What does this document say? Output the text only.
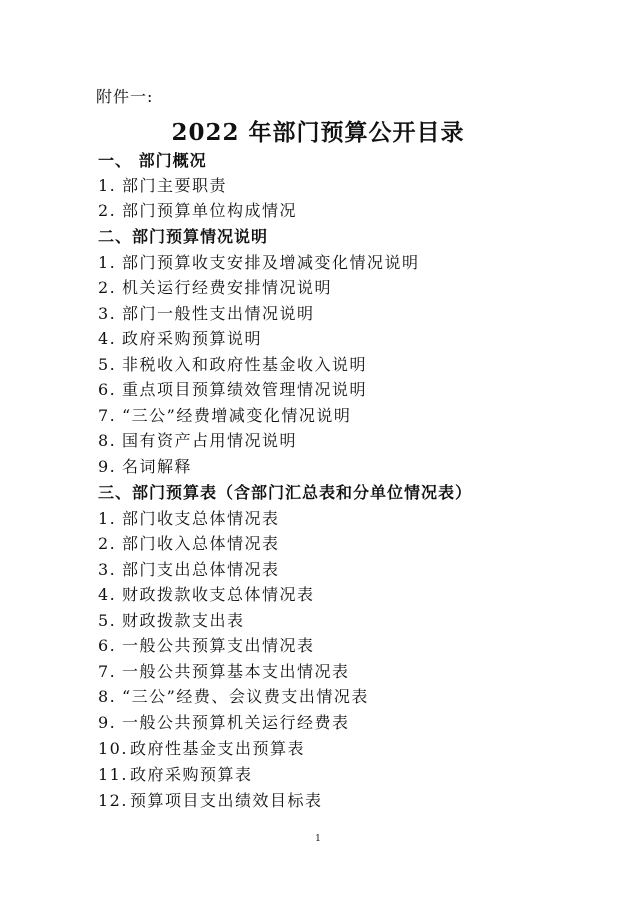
附件一:
2022 年部门预算公开目录
一、 部门概况
1. 部门主要职责
2. 部门预算单位构成情况
二、部门预算情况说明
1. 部门预算收支安排及增减变化情况说明
2. 机关运行经费安排情况说明
3. 部门一般性支出情况说明
4. 政府采购预算说明
5. 非税收入和政府性基金收入说明
6. 重点项目预算绩效管理情况说明
7. “三公”经费增减变化情况说明
8. 国有资产占用情况说明
9. 名词解释
三、部门预算表（含部门汇总表和分单位情况表）
1. 部门收支总体情况表
2. 部门收入总体情况表
3. 部门支出总体情况表
4. 财政拨款收支总体情况表
5. 财政拨款支出表
6. 一般公共预算支出情况表
7. 一般公共预算基本支出情况表
8. “三公”经费、会议费支出情况表
9. 一般公共预算机关运行经费表
10. 政府性基金支出预算表
11. 政府采购预算表
12. 预算项目支出绩效目标表
1
